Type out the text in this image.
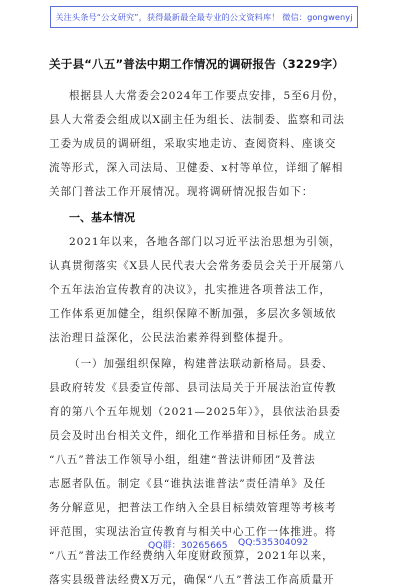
关注头条号“公文研究”，获得最新最全最专业的公文资料库！ 微信：gongwenyj
关于县“八五”普法中期工作情况的调研报告（3229字）
根据县人大常委会2024年工作要点安排，5至6月份，
县人大常委会组成以X副主任为组长、法制委、监察和司法
工委为成员的调研组，采取实地走访、查阅资料、座谈交
流等形式，深入司法局、卫健委、x村等单位，详细了解相
关部门普法工作开展情况。现将调研情况报告如下：
一、基本情况
2021年以来，各地各部门以习近平法治思想为引领，
认真贯彻落实《X县人民代表大会常务委员会关于开展第八
个五年法治宣传教育的决议》，扎实推进各项普法工作，
工作体系更加健全，组织保障不断加强，多层次多领域依
法治理日益深化，公民法治素养得到整体提升。
（一）加强组织保障，构建普法联动新格局。县委、
县政府转发《县委宣传部、县司法局关于开展法治宣传教
育的第八个五年规划（2021—2025年）》，县依法治县委
员会及时出台相关文件，细化工作举措和目标任务。成立
“八五”普法工作领导小组，组建“普法讲师团”及普法
志愿者队伍。制定《县“谁执法谁普法”责任清单》及任
务分解意见，把普法工作纳入全县目标绩效管理等考核考
评范围，实现法治宣传教育与相关中心工作一体推进。将
“八五”普法工作经费纳入年度财政预算，2021年以来，
落实县级普法经费X万元，确保“八五”普法工作高质量开
QQ群：30265665 QQ:535304092
